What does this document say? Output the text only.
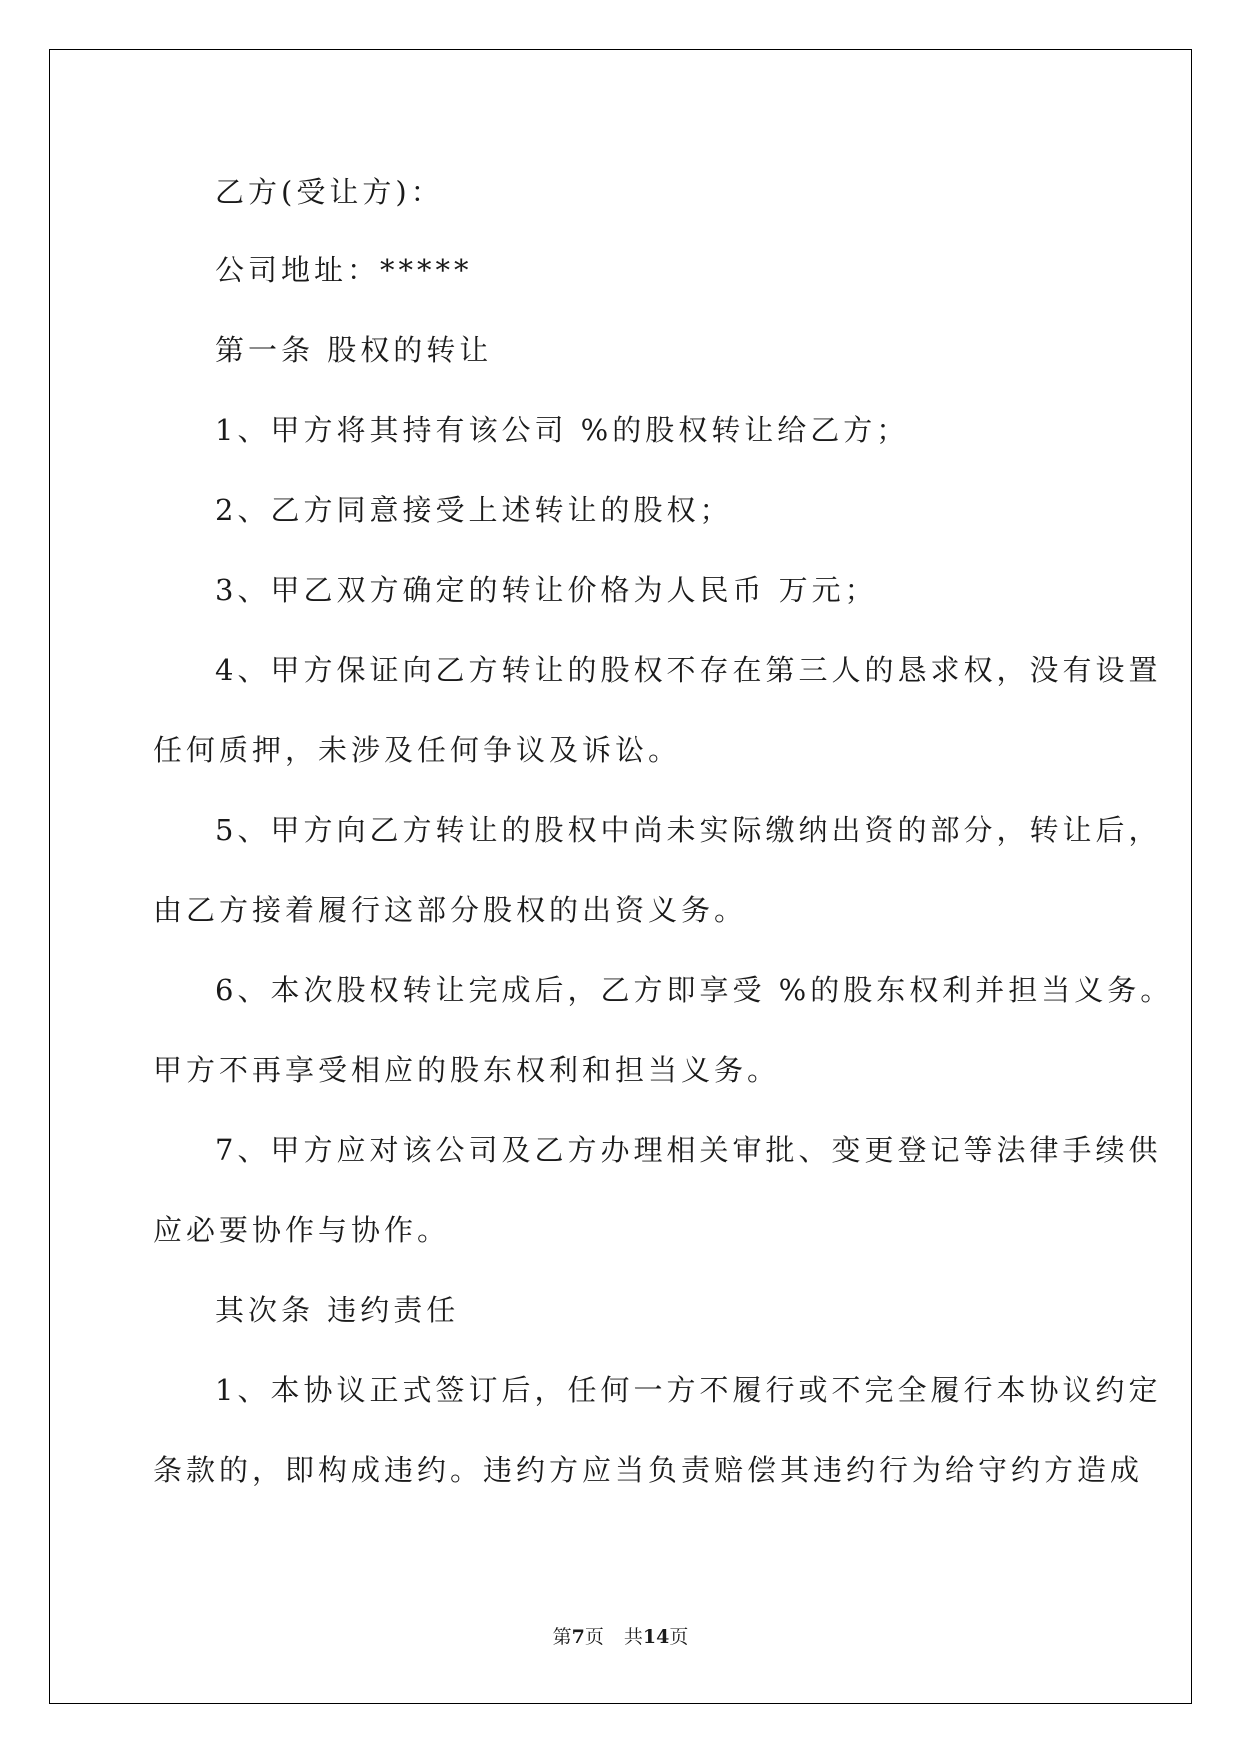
乙方(受让方)：
公司地址：*****
第一条 股权的转让
1、甲方将其持有该公司 %的股权转让给乙方；
2、乙方同意接受上述转让的股权；
3、甲乙双方确定的转让价格为人民币 万元；
4、甲方保证向乙方转让的股权不存在第三人的恳求权，没有设置
任何质押，未涉及任何争议及诉讼。
5、甲方向乙方转让的股权中尚未实际缴纳出资的部分，转让后，
由乙方接着履行这部分股权的出资义务。
6、本次股权转让完成后，乙方即享受 %的股东权利并担当义务。
甲方不再享受相应的股东权利和担当义务。
7、甲方应对该公司及乙方办理相关审批、变更登记等法律手续供
应必要协作与协作。
其次条 违约责任
1、本协议正式签订后，任何一方不履行或不完全履行本协议约定
条款的，即构成违约。违约方应当负责赔偿其违约行为给守约方造成
第7页 共14页
